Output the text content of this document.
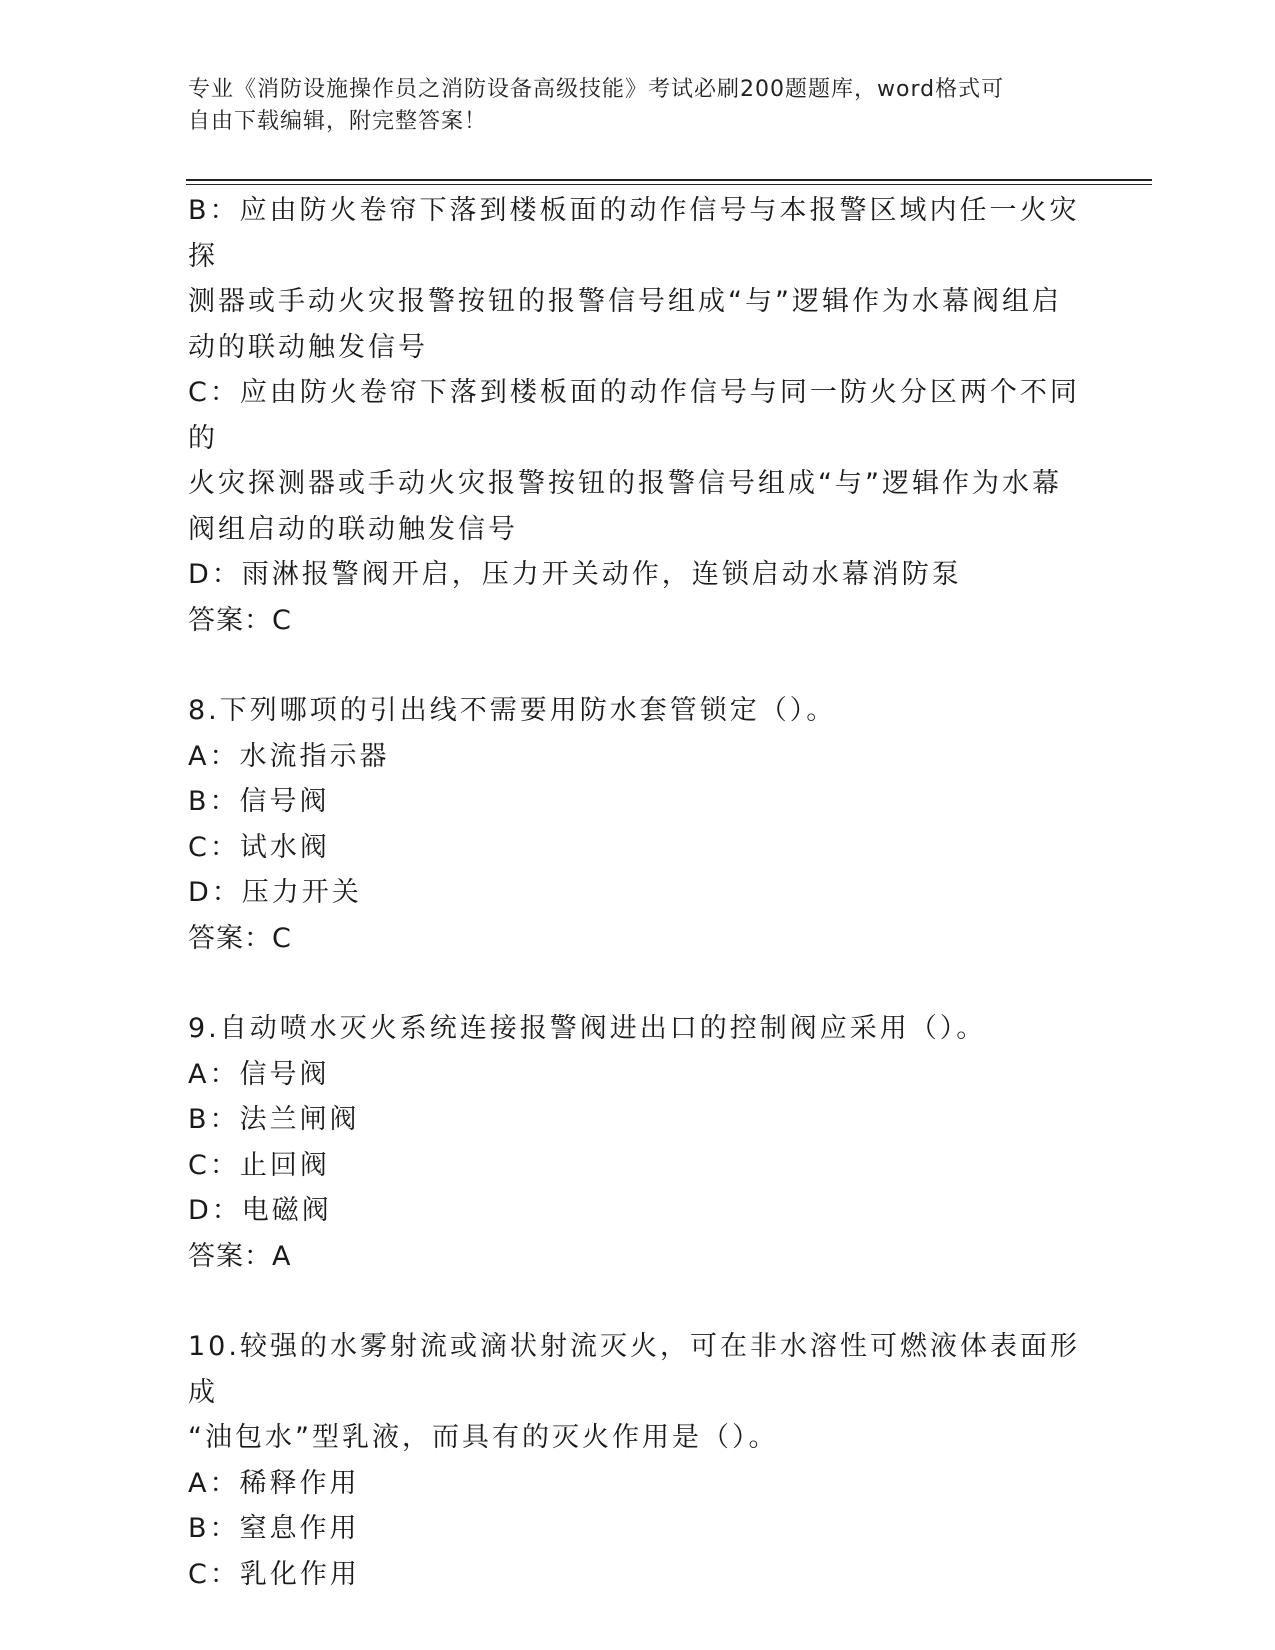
专业《消防设施操作员之消防设备高级技能》考试必刷200题题库，word格式可
自由下载编辑，附完整答案！
B：应由防火卷帘下落到楼板面的动作信号与本报警区域内任一火灾探
测器或手动火灾报警按钮的报警信号组成“与”逻辑作为水幕阀组启
动的联动触发信号
C：应由防火卷帘下落到楼板面的动作信号与同一防火分区两个不同的
火灾探测器或手动火灾报警按钮的报警信号组成“与”逻辑作为水幕
阀组启动的联动触发信号
D：雨淋报警阀开启，压力开关动作，连锁启动水幕消防泵
答案：C
8.下列哪项的引出线不需要用防水套管锁定（）。
A：水流指示器
B：信号阀
C：试水阀
D：压力开关
答案：C
9.自动喷水灭火系统连接报警阀进出口的控制阀应采用（）。
A：信号阀
B：法兰闸阀
C：止回阀
D：电磁阀
答案：A
10.较强的水雾射流或滴状射流灭火，可在非水溶性可燃液体表面形成
“油包水”型乳液，而具有的灭火作用是（）。
A：稀释作用
B：窒息作用
C：乳化作用
